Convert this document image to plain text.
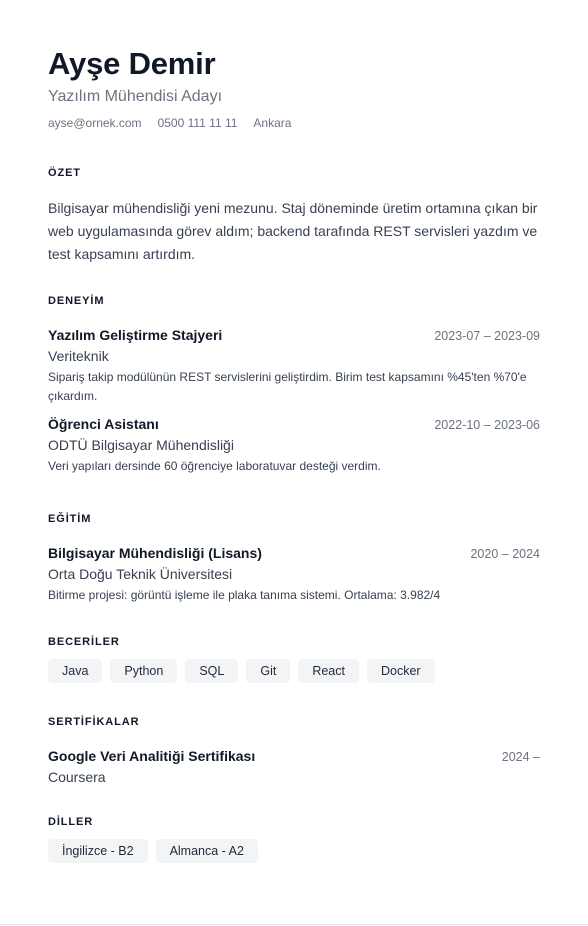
Ayşe Demir
Yazılım Mühendisi Adayı
ayse@ornek.com 0500 111 11 11 Ankara
ÖZET
Bilgisayar mühendisliği yeni mezunu. Staj döneminde üretim ortamına çıkan bir web uygulamasında görev aldım; backend tarafında REST servisleri yazdım ve test kapsamını artırdım.
DENEYİM
Yazılım Geliştirme Stajyeri	2023-07 – 2023-09
Veriteknik
Sipariş takip modülünün REST servislerini geliştirdim. Birim test kapsamını %45'ten %70'e çıkardım.
Öğrenci Asistanı	2022-10 – 2023-06
ODTÜ Bilgisayar Mühendisliği
Veri yapıları dersinde 60 öğrenciye laboratuvar desteği verdim.
EĞİTİM
Bilgisayar Mühendisliği (Lisans)	2020 – 2024
Orta Doğu Teknik Üniversitesi
Bitirme projesi: görüntü işleme ile plaka tanıma sistemi. Ortalama: 3.982/4
BECERİLER
Java	Python	SQL	Git	React	Docker
SERTİFİKALAR
Google Veri Analitiği Sertifikası	2024 –
Coursera
DİLLER
İngilizce - B2	Almanca - A2
